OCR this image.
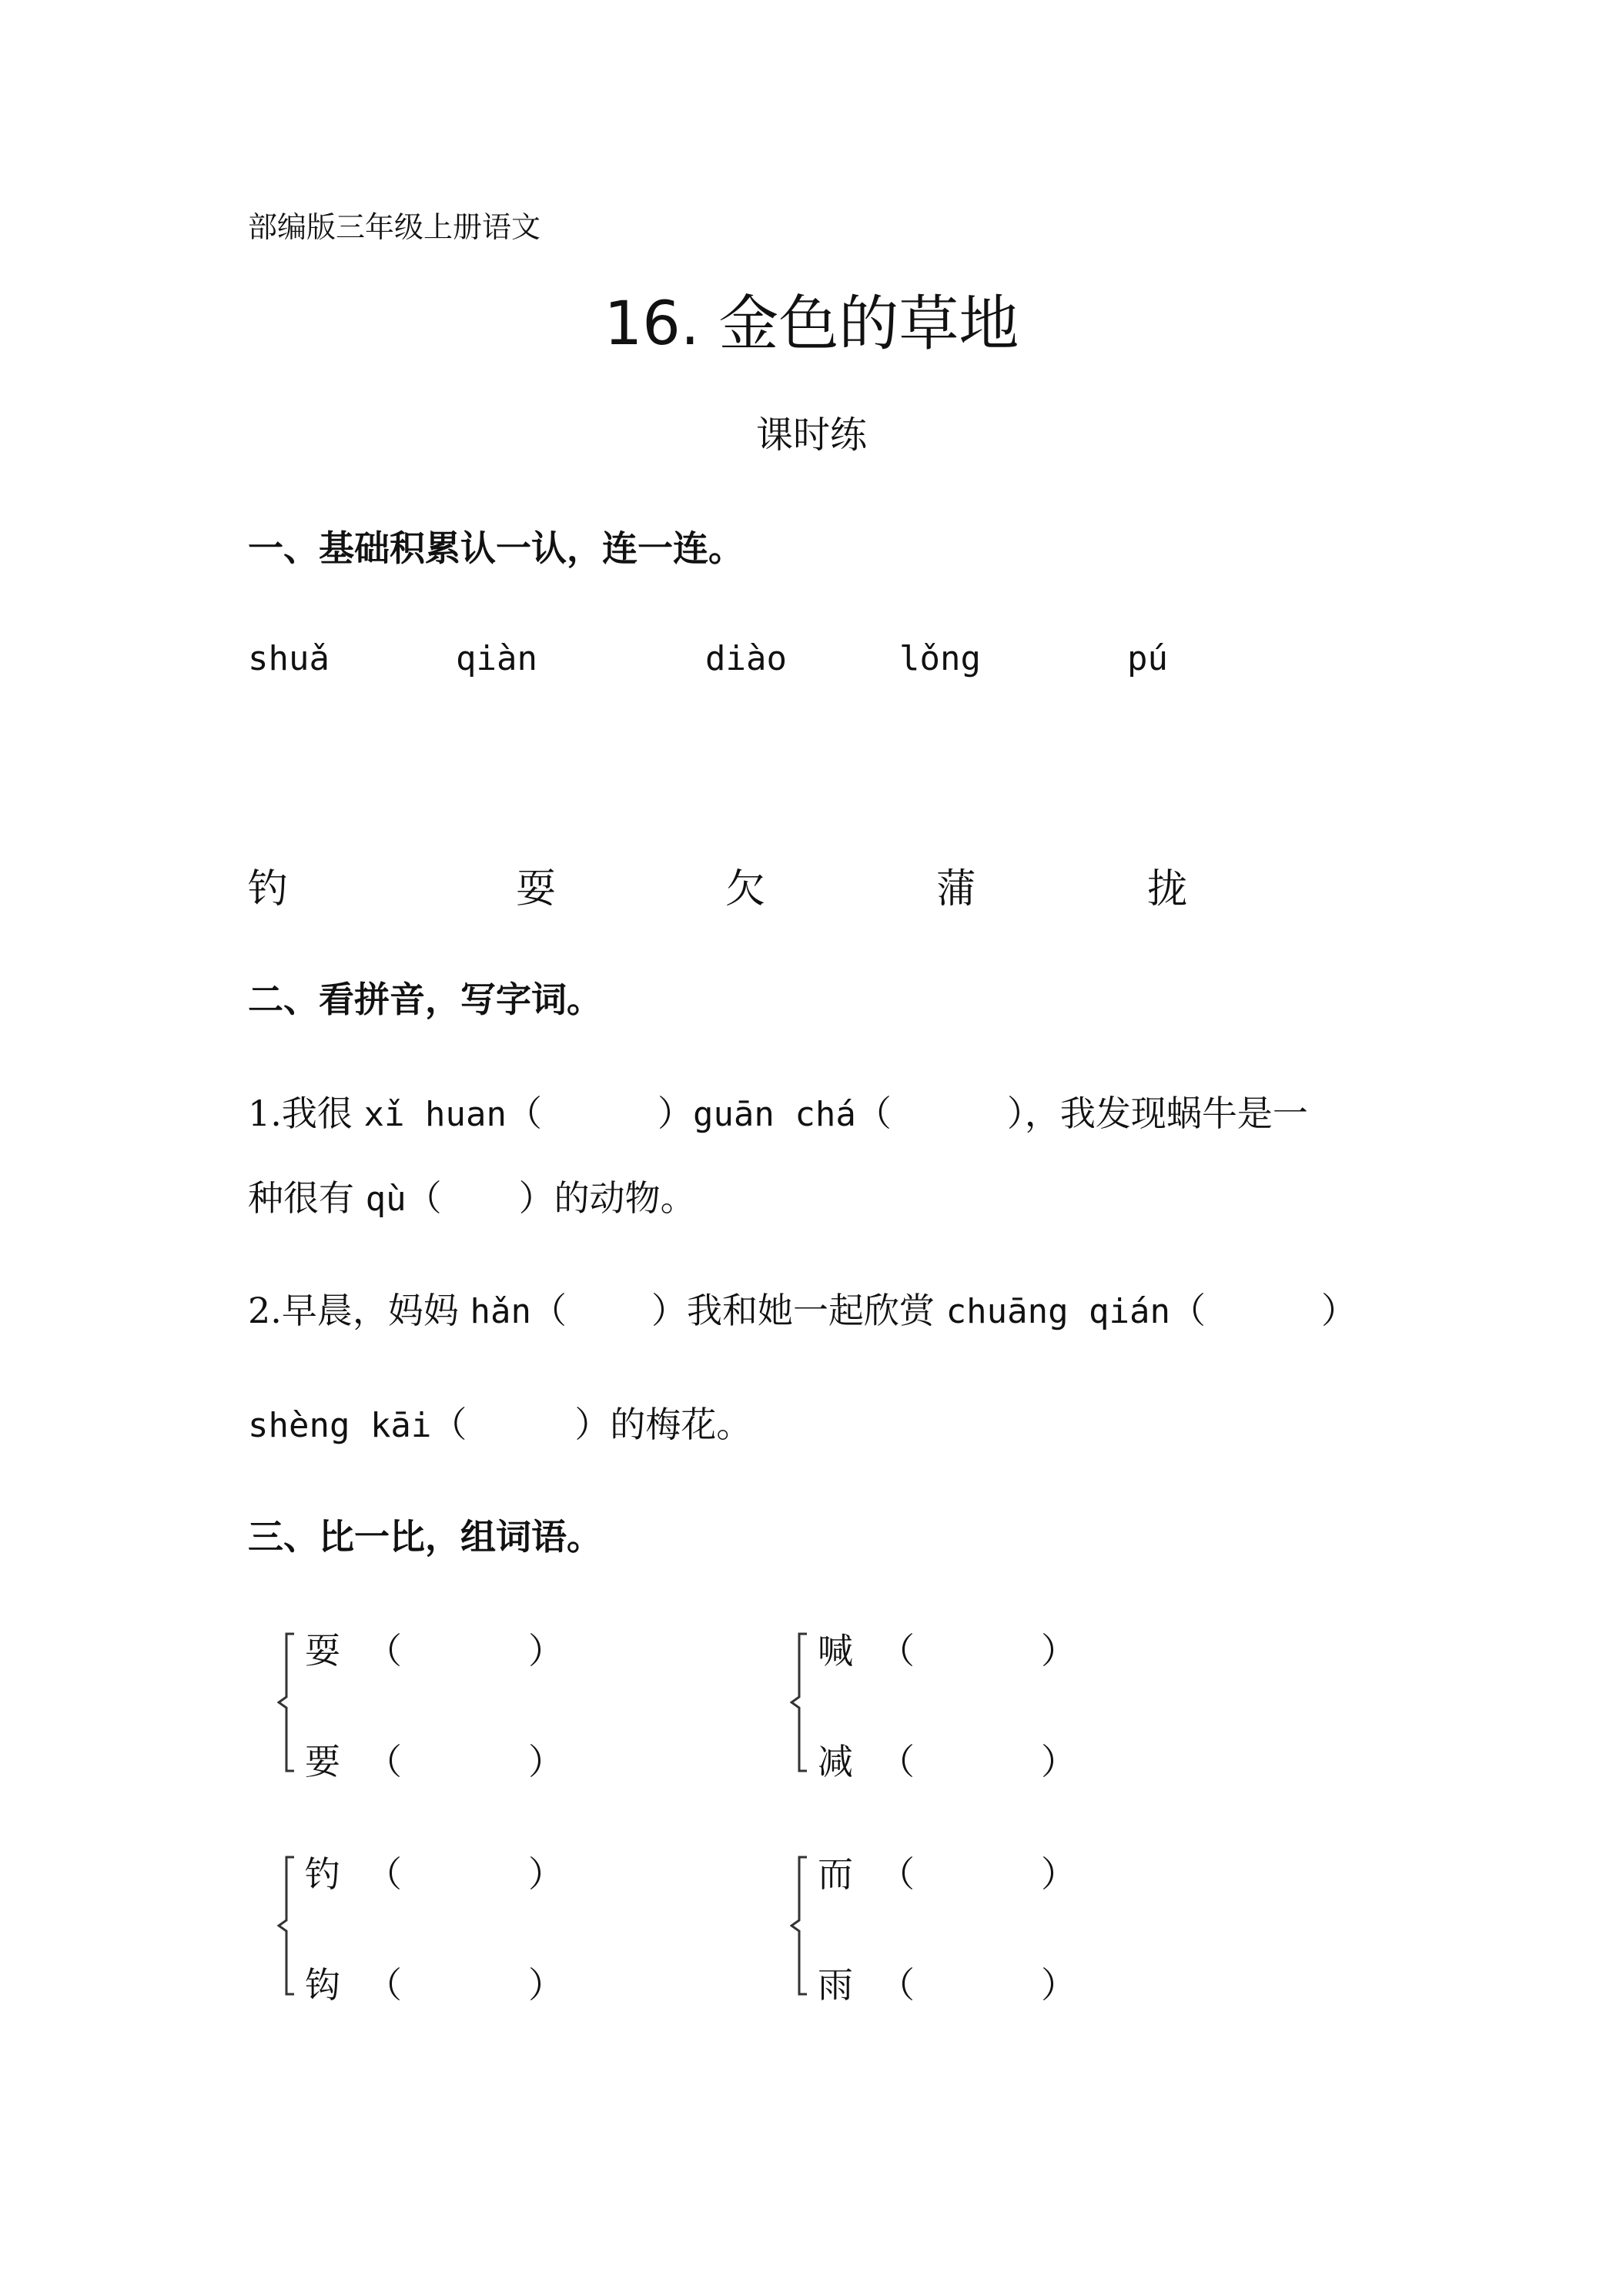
部编版三年级上册语文
16. 金色的草地
课时练
一、基础积累认一认，连一连。
shuǎ	qiàn	diào	lǒng	pú
钓	耍	欠	蒲	拢
二、看拼音，写字词。
1.我很 xǐ huan（	）guān chá（	），我发现蜗牛是一
种很有 qù（ ）的动物。
2.早晨，妈妈 hǎn（ ）我和她一起欣赏 chuāng qián（	）
shèng kāi（	）的梅花。
三、比一比，组词语。
耍 （	）
要 （	）
喊 （	）
减 （	）
钓 （	）
钩 （	）
而 （	）
雨 （	）
